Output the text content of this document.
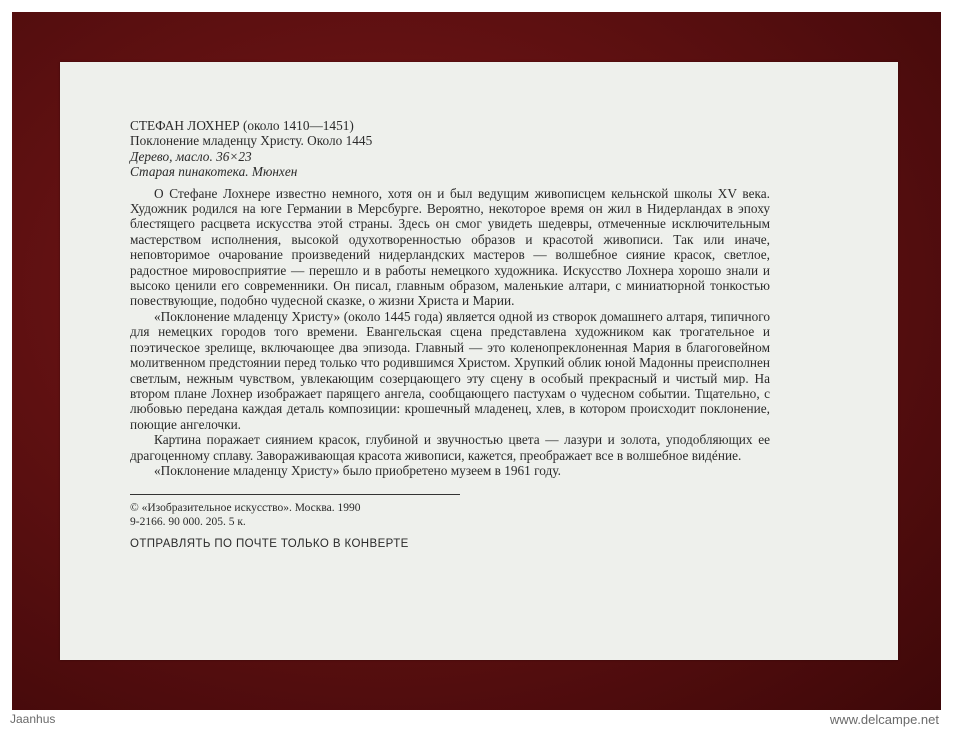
СТЕФАН ЛОХНЕР (около 1410—1451)

Поклонение младенцу Христу. Около 1445

Дерево, масло. 36×23

Старая пинакотека. Мюнхен

О Стефане Лохнере известно немного, хотя он и был ведущим живописцем кельнской школы XV века. Художник родился на юге Германии в Мерсбурге. Вероятно, некоторое время он жил в Нидерландах в эпоху блестящего расцвета искусства этой страны. Здесь он смог увидеть шедевры, отмеченные исключительным мастерством исполнения, высокой одухотворенностью образов и красотой живописи. Так или иначе, неповторимое очарование произведений нидерландских мастеров — волшебное сияние красок, светлое, радостное мировосприятие — перешло и в работы немецкого художника. Искусство Лохнера хорошо знали и высоко ценили его современники. Он писал, главным образом, маленькие алтари, с миниатюрной тонкостью повествующие, подобно чудесной сказке, о жизни Христа и Марии.

«Поклонение младенцу Христу» (около 1445 года) является одной из створок домашнего алтаря, типичного для немецких городов того времени. Евангельская сцена представлена художником как трогательное и поэтическое зрелище, включающее два эпизода. Главный — это коленопреклоненная Мария в благоговейном молитвенном предстоянии перед только что родившимся Христом. Хрупкий облик юной Мадонны преисполнен светлым, нежным чувством, увлекающим созерцающего эту сцену в особый прекрасный и чистый мир. На втором плане Лохнер изображает парящего ангела, сообщающего пастухам о чудесном событии. Тщательно, с любовью передана каждая деталь композиции: крошечный младенец, хлев, в котором происходит поклонение, поющие ангелочки.

Картина поражает сиянием красок, глубиной и звучностью цвета — лазури и золота, уподобляющих ее драгоценному сплаву. Завораживающая красота живописи, кажется, преображает все в волшебное видéние.

«Поклонение младенцу Христу» было приобретено музеем в 1961 году.

© «Изобразительное искусство». Москва. 1990

9-2166. 90 000. 205. 5 к.

ОТПРАВЛЯТЬ ПО ПОЧТЕ ТОЛЬКО В КОНВЕРТЕ

Jaanhus	www.delcampe.net
